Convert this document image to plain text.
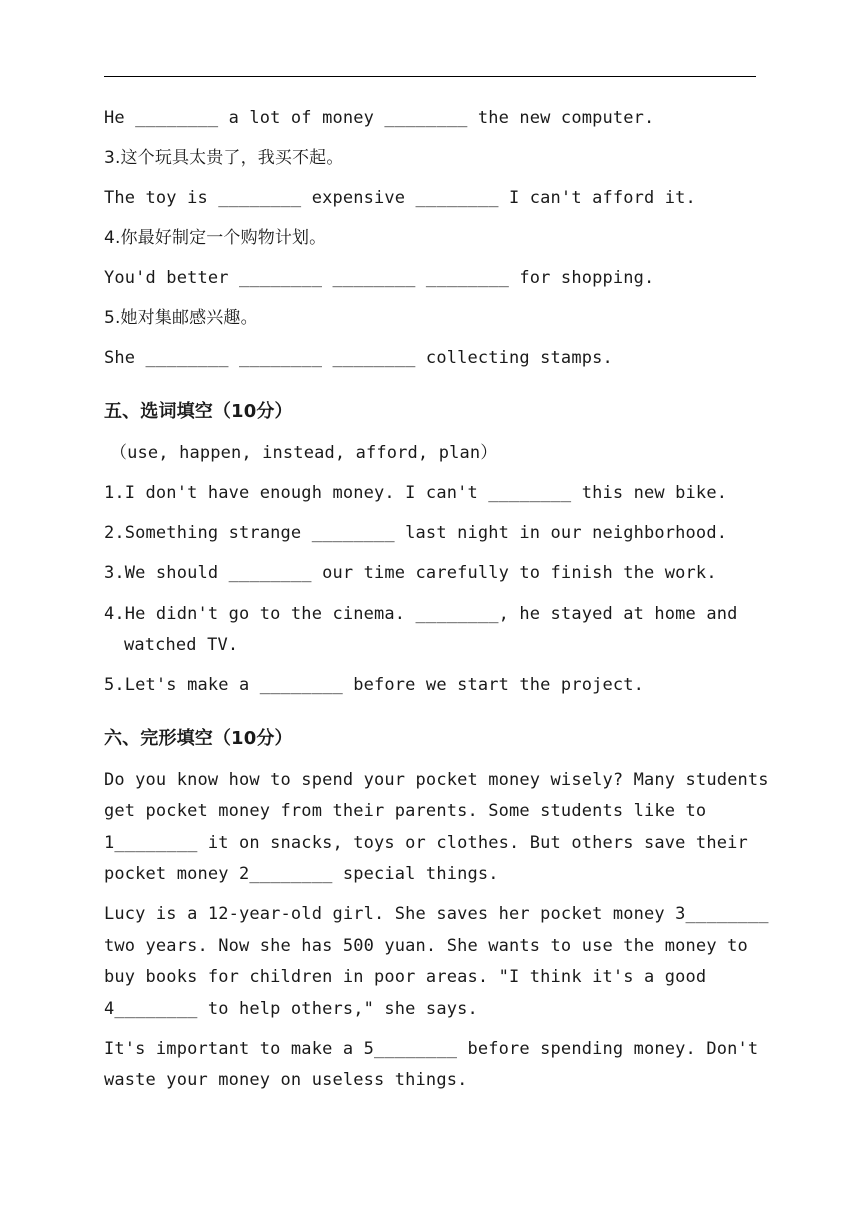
He ________ a lot of money ________ the new computer.
3.这个玩具太贵了，我买不起。
The toy is ________ expensive ________ I can't afford it.
4.你最好制定一个购物计划。
You'd better ________ ________ ________ for shopping.
5.她对集邮感兴趣。
She ________ ________ ________ collecting stamps.
五、选词填空（10分）
（use, happen, instead, afford, plan）
1.I don't have enough money. I can't ________ this new bike.
2.Something strange ________ last night in our neighborhood.
3.We should ________ our time carefully to finish the work.
4.He didn't go to the cinema. ________, he stayed at home and
watched TV.
5.Let's make a ________ before we start the project.
六、完形填空（10分）
Do you know how to spend your pocket money wisely? Many students
get pocket money from their parents. Some students like to
1________ it on snacks, toys or clothes. But others save their
pocket money 2________ special things.
Lucy is a 12-year-old girl. She saves her pocket money 3________
two years. Now she has 500 yuan. She wants to use the money to
buy books for children in poor areas. "I think it's a good
4________ to help others," she says.
It's important to make a 5________ before spending money. Don't
waste your money on useless things.
